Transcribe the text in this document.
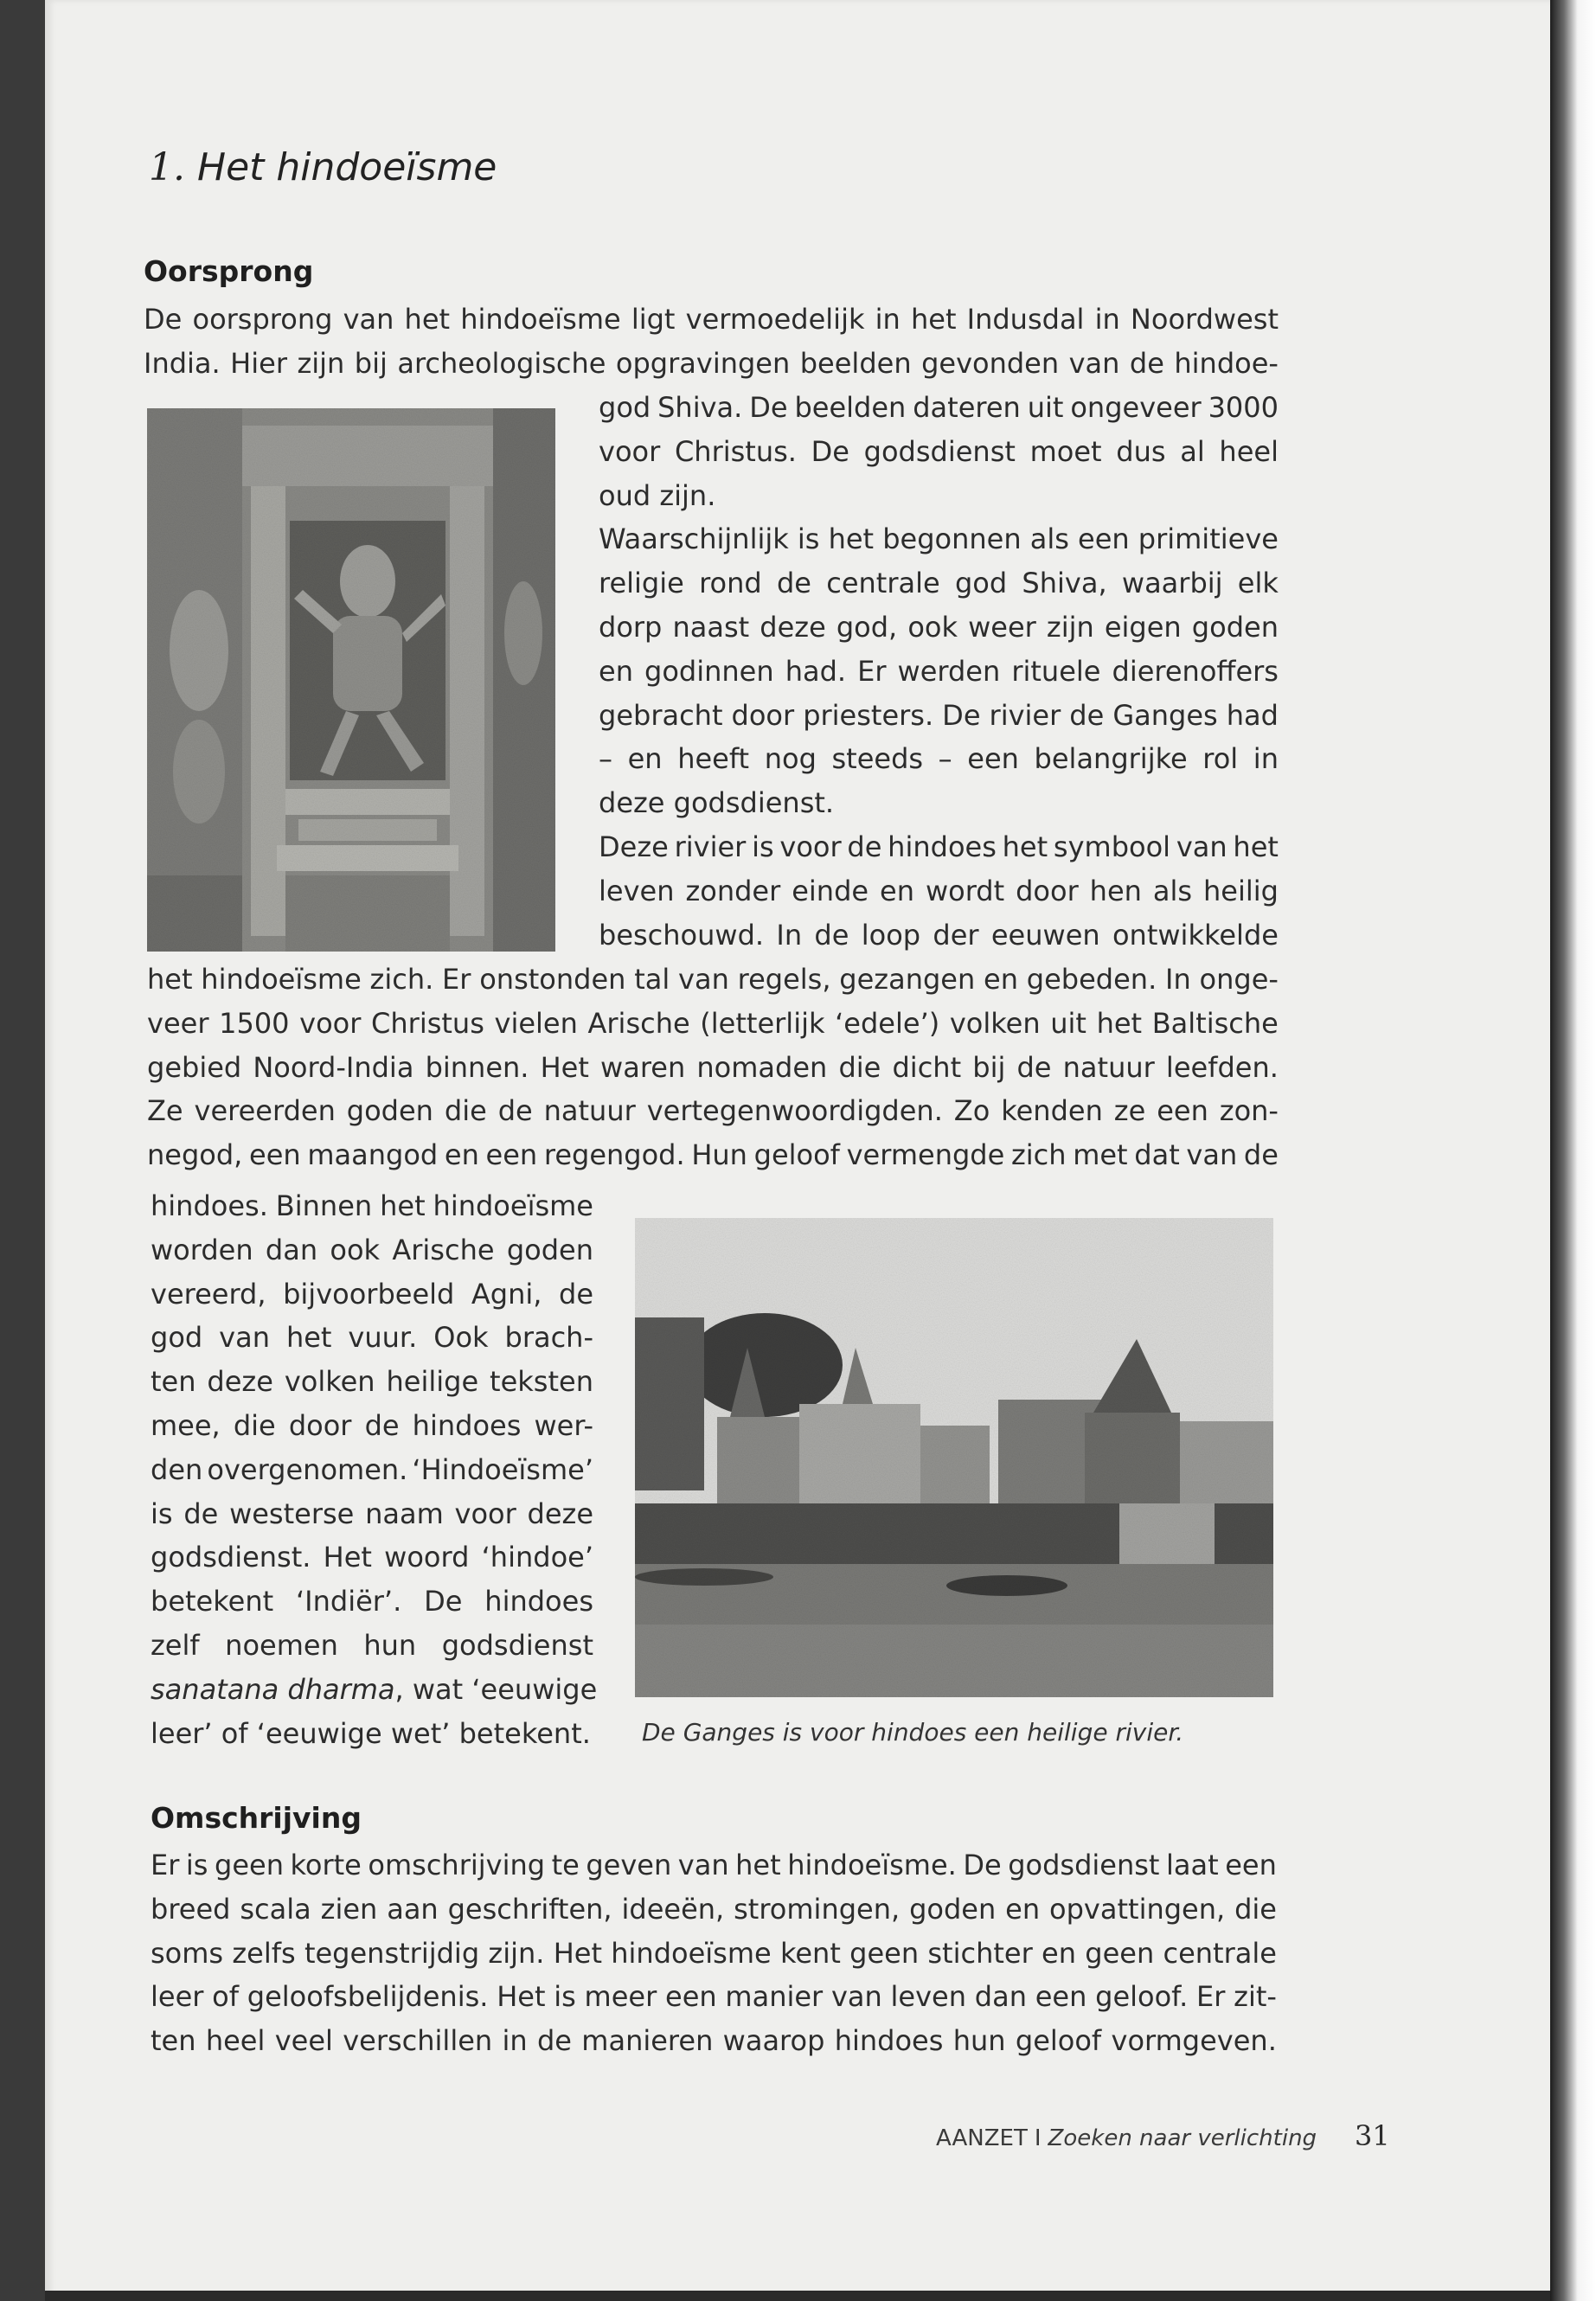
1. Het hindoeïsme
Oorsprong
De oorsprong van het hindoeïsme ligt vermoedelijk in het Indusdal in Noordwest
India. Hier zijn bij archeologische opgravingen beelden gevonden van de hindoe-
god Shiva. De beelden dateren uit ongeveer 3000
voor Christus. De godsdienst moet dus al heel
oud zijn.
Waarschijnlijk is het begonnen als een primitieve
religie rond de centrale god Shiva, waarbij elk
dorp naast deze god, ook weer zijn eigen goden
en godinnen had. Er werden rituele dierenoffers
gebracht door priesters. De rivier de Ganges had
– en heeft nog steeds – een belangrijke rol in
deze godsdienst.
Deze rivier is voor de hindoes het symbool van het
leven zonder einde en wordt door hen als heilig
beschouwd. In de loop der eeuwen ontwikkelde
het hindoeïsme zich. Er onstonden tal van regels, gezangen en gebeden. In onge-
veer 1500 voor Christus vielen Arische (letterlijk ‘edele’) volken uit het Baltische
gebied Noord-India binnen. Het waren nomaden die dicht bij de natuur leefden.
Ze vereerden goden die de natuur vertegenwoordigden. Zo kenden ze een zon-
negod, een maangod en een regengod. Hun geloof vermengde zich met dat van de
hindoes. Binnen het hindoeïsme
worden dan ook Arische goden
vereerd, bijvoorbeeld Agni, de
god van het vuur. Ook brach-
ten deze volken heilige teksten
mee, die door de hindoes wer-
den overgenomen. ‘Hindoeïsme’
is de westerse naam voor deze
godsdienst. Het woord ‘hindoe’
betekent ‘Indiër’. De hindoes
zelf noemen hun godsdienst
sanatana dharma, wat ‘eeuwige
leer’ of ‘eeuwige wet’ betekent.
Er is geen korte omschrijving te geven van het hindoeïsme. De godsdienst laat een
breed scala zien aan geschriften, ideeën, stromingen, goden en opvattingen, die
soms zelfs tegenstrijdig zijn. Het hindoeïsme kent geen stichter en geen centrale
leer of geloofsbelijdenis. Het is meer een manier van leven dan een geloof. Er zit-
ten heel veel verschillen in de manieren waarop hindoes hun geloof vormgeven.
De Ganges is voor hindoes een heilige rivier.
Omschrijving
AANZET I Zoeken naar verlichting 31
